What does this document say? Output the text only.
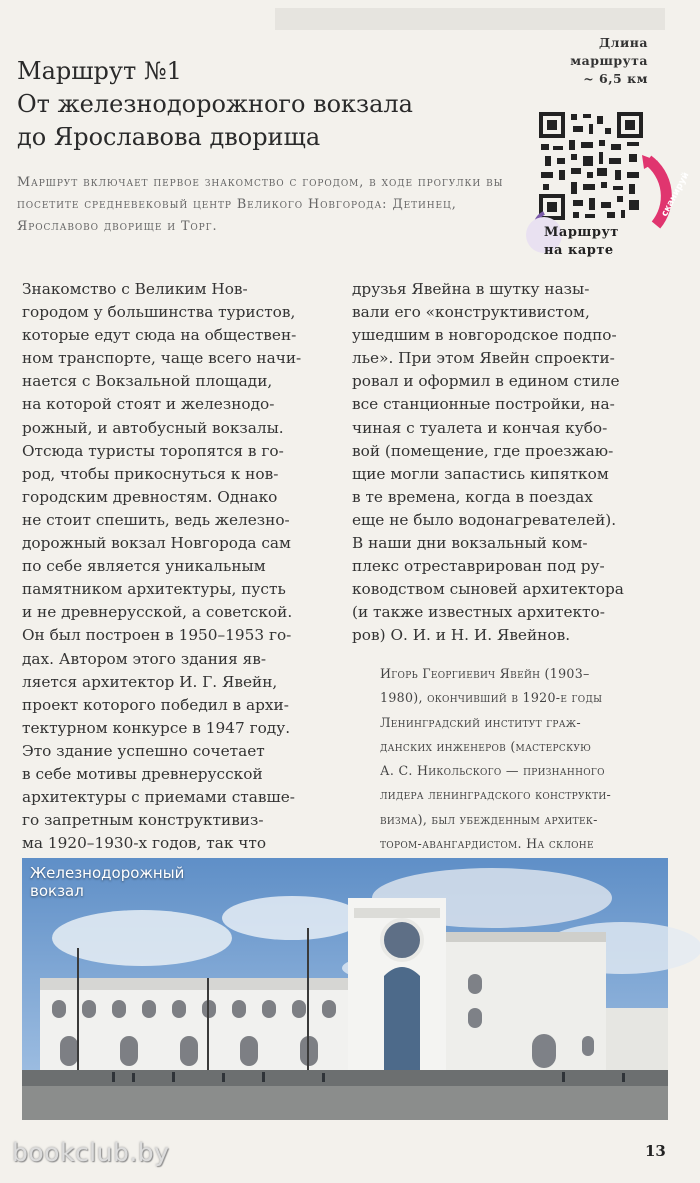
Маршрут №1
От железнодорожного вокзала
до Ярославова дворища
Длина
маршрута
~ 6,5 км
сканируй
Маршрут
на карте
Маршрут включает первое знакомство с городом, в ходе прогулки вы посетите средневековый центр Великого Новгорода: Детинец, Ярославово дворище и Торг.
Знакомство с Великим Нов-
городом у большинства туристов,
которые едут сюда на обществен-
ном транспорте, чаще всего начи-
нается с Вокзальной площади,
на которой стоят и железнодо-
рожный, и автобусный вокзалы.
Отсюда туристы торопятся в го-
род, чтобы прикоснуться к нов-
городским древностям. Однако
не стоит спешить, ведь железно-
дорожный вокзал Новгорода сам
по себе является уникальным
памятником архитектуры, пусть
и не древнерусской, а советской.
Он был построен в 1950–1953 го-
дах. Автором этого здания яв-
ляется архитектор И. Г. Явейн,
проект которого победил в архи-
тектурном конкурсе в 1947 году.
Это здание успешно сочетает
в себе мотивы древнерусской
архитектуры с приемами ставше-
го запретным конструктивиз-
ма 1920–1930-х годов, так что
друзья Явейна в шутку назы-
вали его «конструктивистом,
ушедшим в новгородское подпо-
лье». При этом Явейн спроекти-
ровал и оформил в едином стиле
все станционные постройки, на-
чиная с туалета и кончая кубо-
вой (помещение, где проезжаю-
щие могли запастись кипятком
в те времена, когда в поездах
еще не было водонагревателей).
В наши дни вокзальный ком-
плекс отреставрирован под ру-
ководством сыновей архитектора
(и также известных архитекто-
ров) О. И. и Н. И. Явейнов.
Игорь Георгиевич Явейн (1903–
1980), окончивший в 1920-е годы
Ленинградский институт граж-
данских инженеров (мастерскую
А. С. Никольского — признанного
лидера ленинградского конструкти-
визма), был убежденным архитек-
тором-авангардистом. На склоне
Железнодорожный
вокзал
bookclub.by	13
